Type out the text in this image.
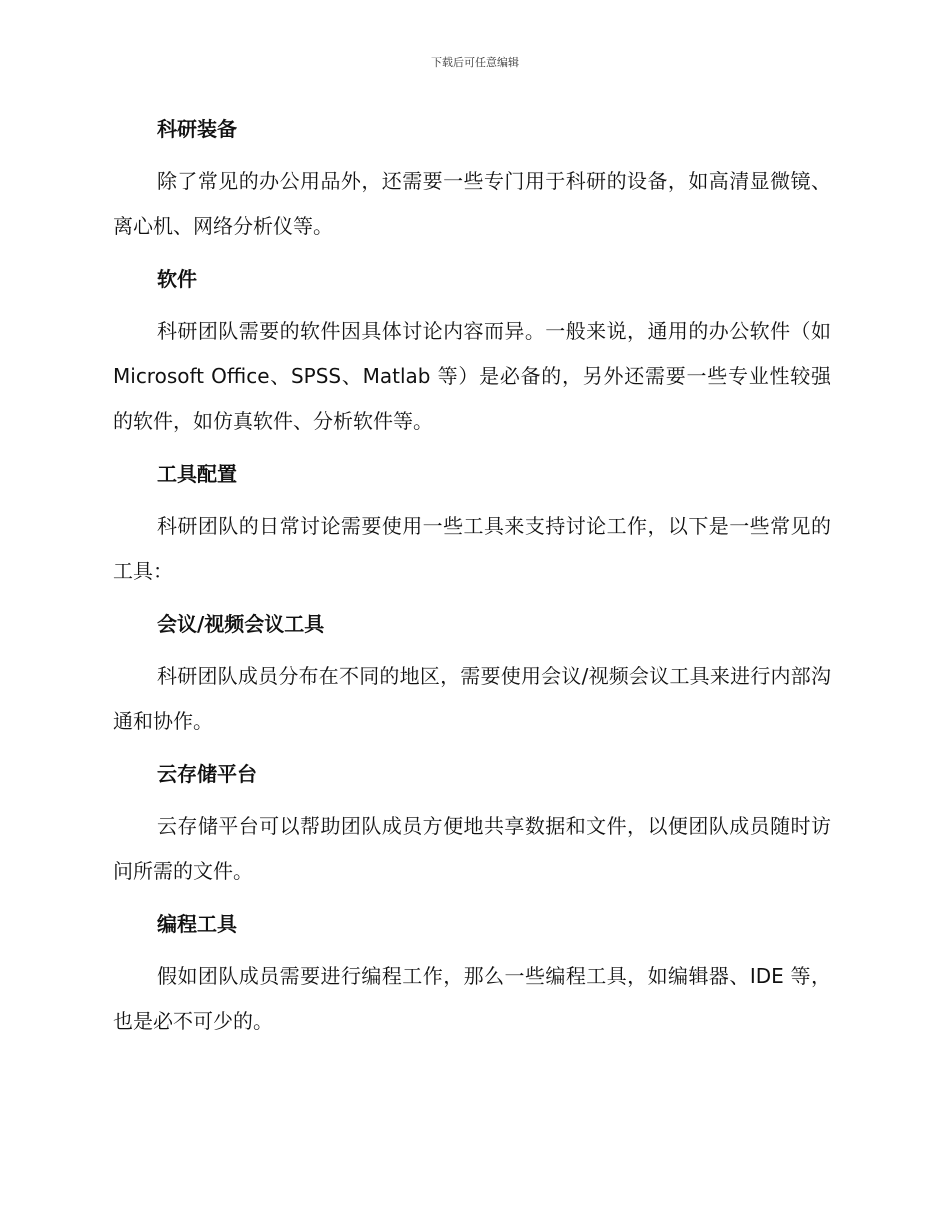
下载后可任意编辑

科研装备

除了常见的办公用品外，还需要一些专门用于科研的设备，如高清显微镜、离心机、网络分析仪等。

软件

科研团队需要的软件因具体讨论内容而异。一般来说，通用的办公软件（如 Microsoft Office、SPSS、Matlab 等）是必备的，另外还需要一些专业性较强的软件，如仿真软件、分析软件等。

工具配置

科研团队的日常讨论需要使用一些工具来支持讨论工作，以下是一些常见的工具：

会议/视频会议工具

科研团队成员分布在不同的地区，需要使用会议/视频会议工具来进行内部沟通和协作。

云存储平台

云存储平台可以帮助团队成员方便地共享数据和文件，以便团队成员随时访问所需的文件。

编程工具

假如团队成员需要进行编程工作，那么一些编程工具，如编辑器、IDE 等，也是必不可少的。
